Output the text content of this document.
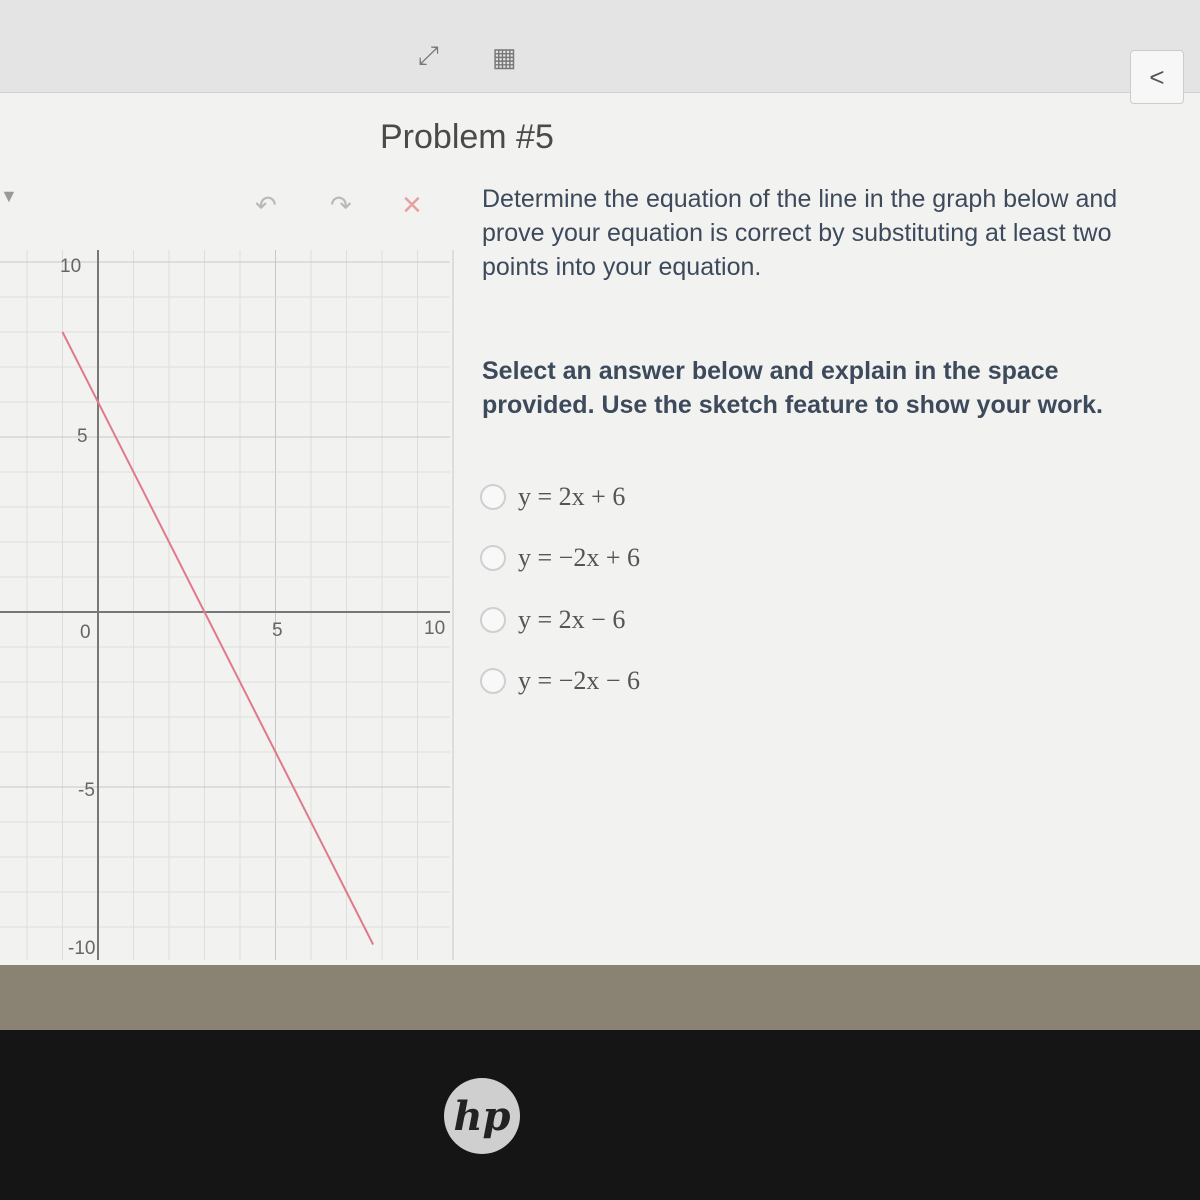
⤢ ▦
<
Problem #5
▼	↶ ↷ × Determine the equation of the line in the graph below and prove your equation is correct by substituting at least two points into your equation.
Select an answer below and explain in the space provided. Use the sketch feature to show your work.
y = 2x + 6
y = −2x + 6
y = 2x − 6
y = −2x − 6
10
5
0	5	10
-5
-10
hp
